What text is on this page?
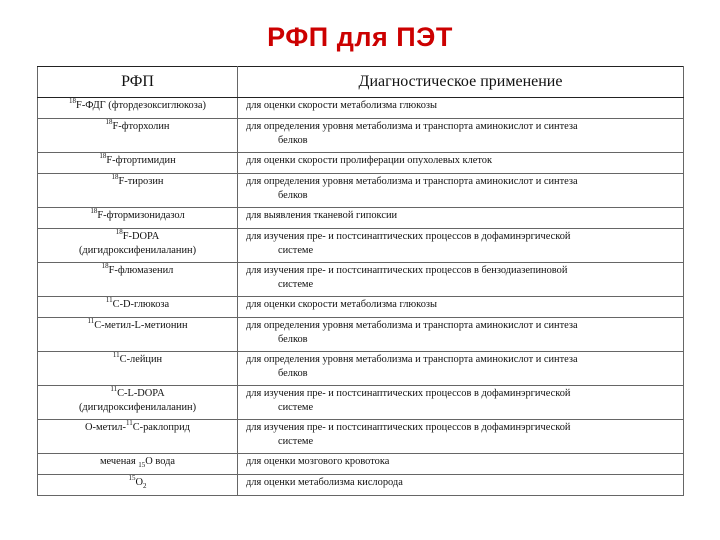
РФП для ПЭТ
РФП	Диагностическое применение
$^{18}$F-ФДГ (фтордезоксиглюкоза)	для оценки скорости метаболизма глюкозы
$^{18}$F-фторхолин	для определения уровня метаболизма и транспорта аминокислот и синтеза
белков

$^{18}$F-фтортимидин	для оценки скорости пролиферации опухолевых клеток
$^{18}$F-тирозин	для определения уровня метаболизма и транспорта аминокислот и синтеза
белков

$^{18}$F-фтормизонидазол	для выявления тканевой гипоксии
$^{18}$F-DOPA
(дигидроксифенилаланин)	для изучения пре- и постсинаптических процессов в дофаминэргической
системе

$^{18}$F-флюмазенил	для изучения пре- и постсинаптических процессов в бензодиазепиновой
системе

$^{11}$C-D-глюкоза	для оценки скорости метаболизма глюкозы
$^{11}$C-метил-L-метионин	для определения уровня метаболизма и транспорта аминокислот и синтеза
белков

$^{11}$C-лейцин	для определения уровня метаболизма и транспорта аминокислот и синтеза
белков

$^{11}$C-L-DOPA
(дигидроксифенилаланин)	для изучения пре- и постсинаптических процессов в дофаминэргической
системе

О-метил-$^{11}$C-раклоприд	для изучения пре- и постсинаптических процессов в дофаминэргической
системе

меченая $_{15}$O вода	для оценки мозгового кровотока
$^{15}O_2$	для оценки метаболизма кислорода
